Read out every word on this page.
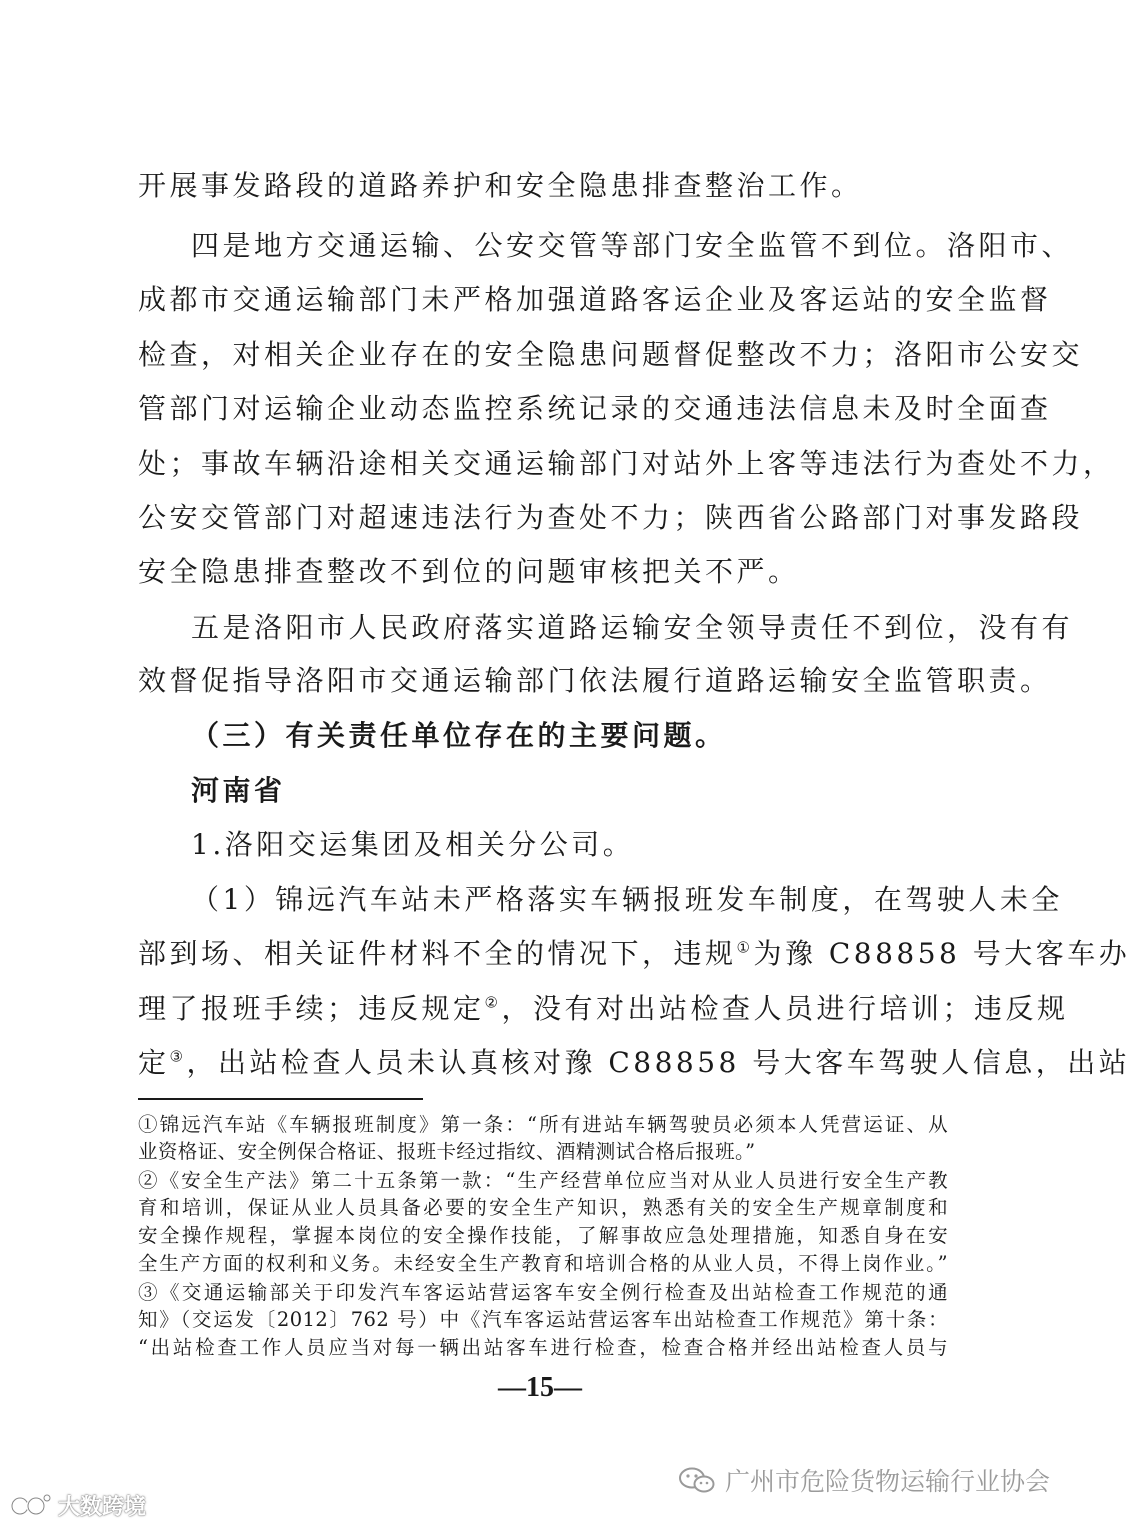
开展事发路段的道路养护和安全隐患排查整治工作。
四是地方交通运输、公安交管等部门安全监管不到位。洛阳市、
成都市交通运输部门未严格加强道路客运企业及客运站的安全监督
检查，对相关企业存在的安全隐患问题督促整改不力；洛阳市公安交
管部门对运输企业动态监控系统记录的交通违法信息未及时全面查
处；事故车辆沿途相关交通运输部门对站外上客等违法行为查处不力，
公安交管部门对超速违法行为查处不力；陕西省公路部门对事发路段
安全隐患排查整改不到位的问题审核把关不严。
五是洛阳市人民政府落实道路运输安全领导责任不到位，没有有
效督促指导洛阳市交通运输部门依法履行道路运输安全监管职责。
（三）有关责任单位存在的主要问题。
河南省
1.洛阳交运集团及相关分公司。
（1）锦远汽车站未严格落实车辆报班发车制度，在驾驶人未全
部到场、相关证件材料不全的情况下，违规①为豫 C88858 号大客车办
理了报班手续；违反规定②，没有对出站检查人员进行培训；违反规
定③，出站检查人员未认真核对豫 C88858 号大客车驾驶人信息，出站
①锦远汽车站《车辆报班制度》第一条：“所有进站车辆驾驶员必须本人凭营运证、从
业资格证、安全例保合格证、报班卡经过指纹、酒精测试合格后报班。”
②《安全生产法》第二十五条第一款：“生产经营单位应当对从业人员进行安全生产教
育和培训，保证从业人员具备必要的安全生产知识，熟悉有关的安全生产规章制度和
安全操作规程，掌握本岗位的安全操作技能，了解事故应急处理措施，知悉自身在安
全生产方面的权利和义务。未经安全生产教育和培训合格的从业人员，不得上岗作业。”
③《交通运输部关于印发汽车客运站营运客车安全例行检查及出站检查工作规范的通
知》（交运发〔2012〕762 号）中《汽车客运站营运客车出站检查工作规范》第十条：
“出站检查工作人员应当对每一辆出站客车进行检查，检查合格并经出站检查人员与
—15—
广州市危险货物运输行业协会
大数跨境
